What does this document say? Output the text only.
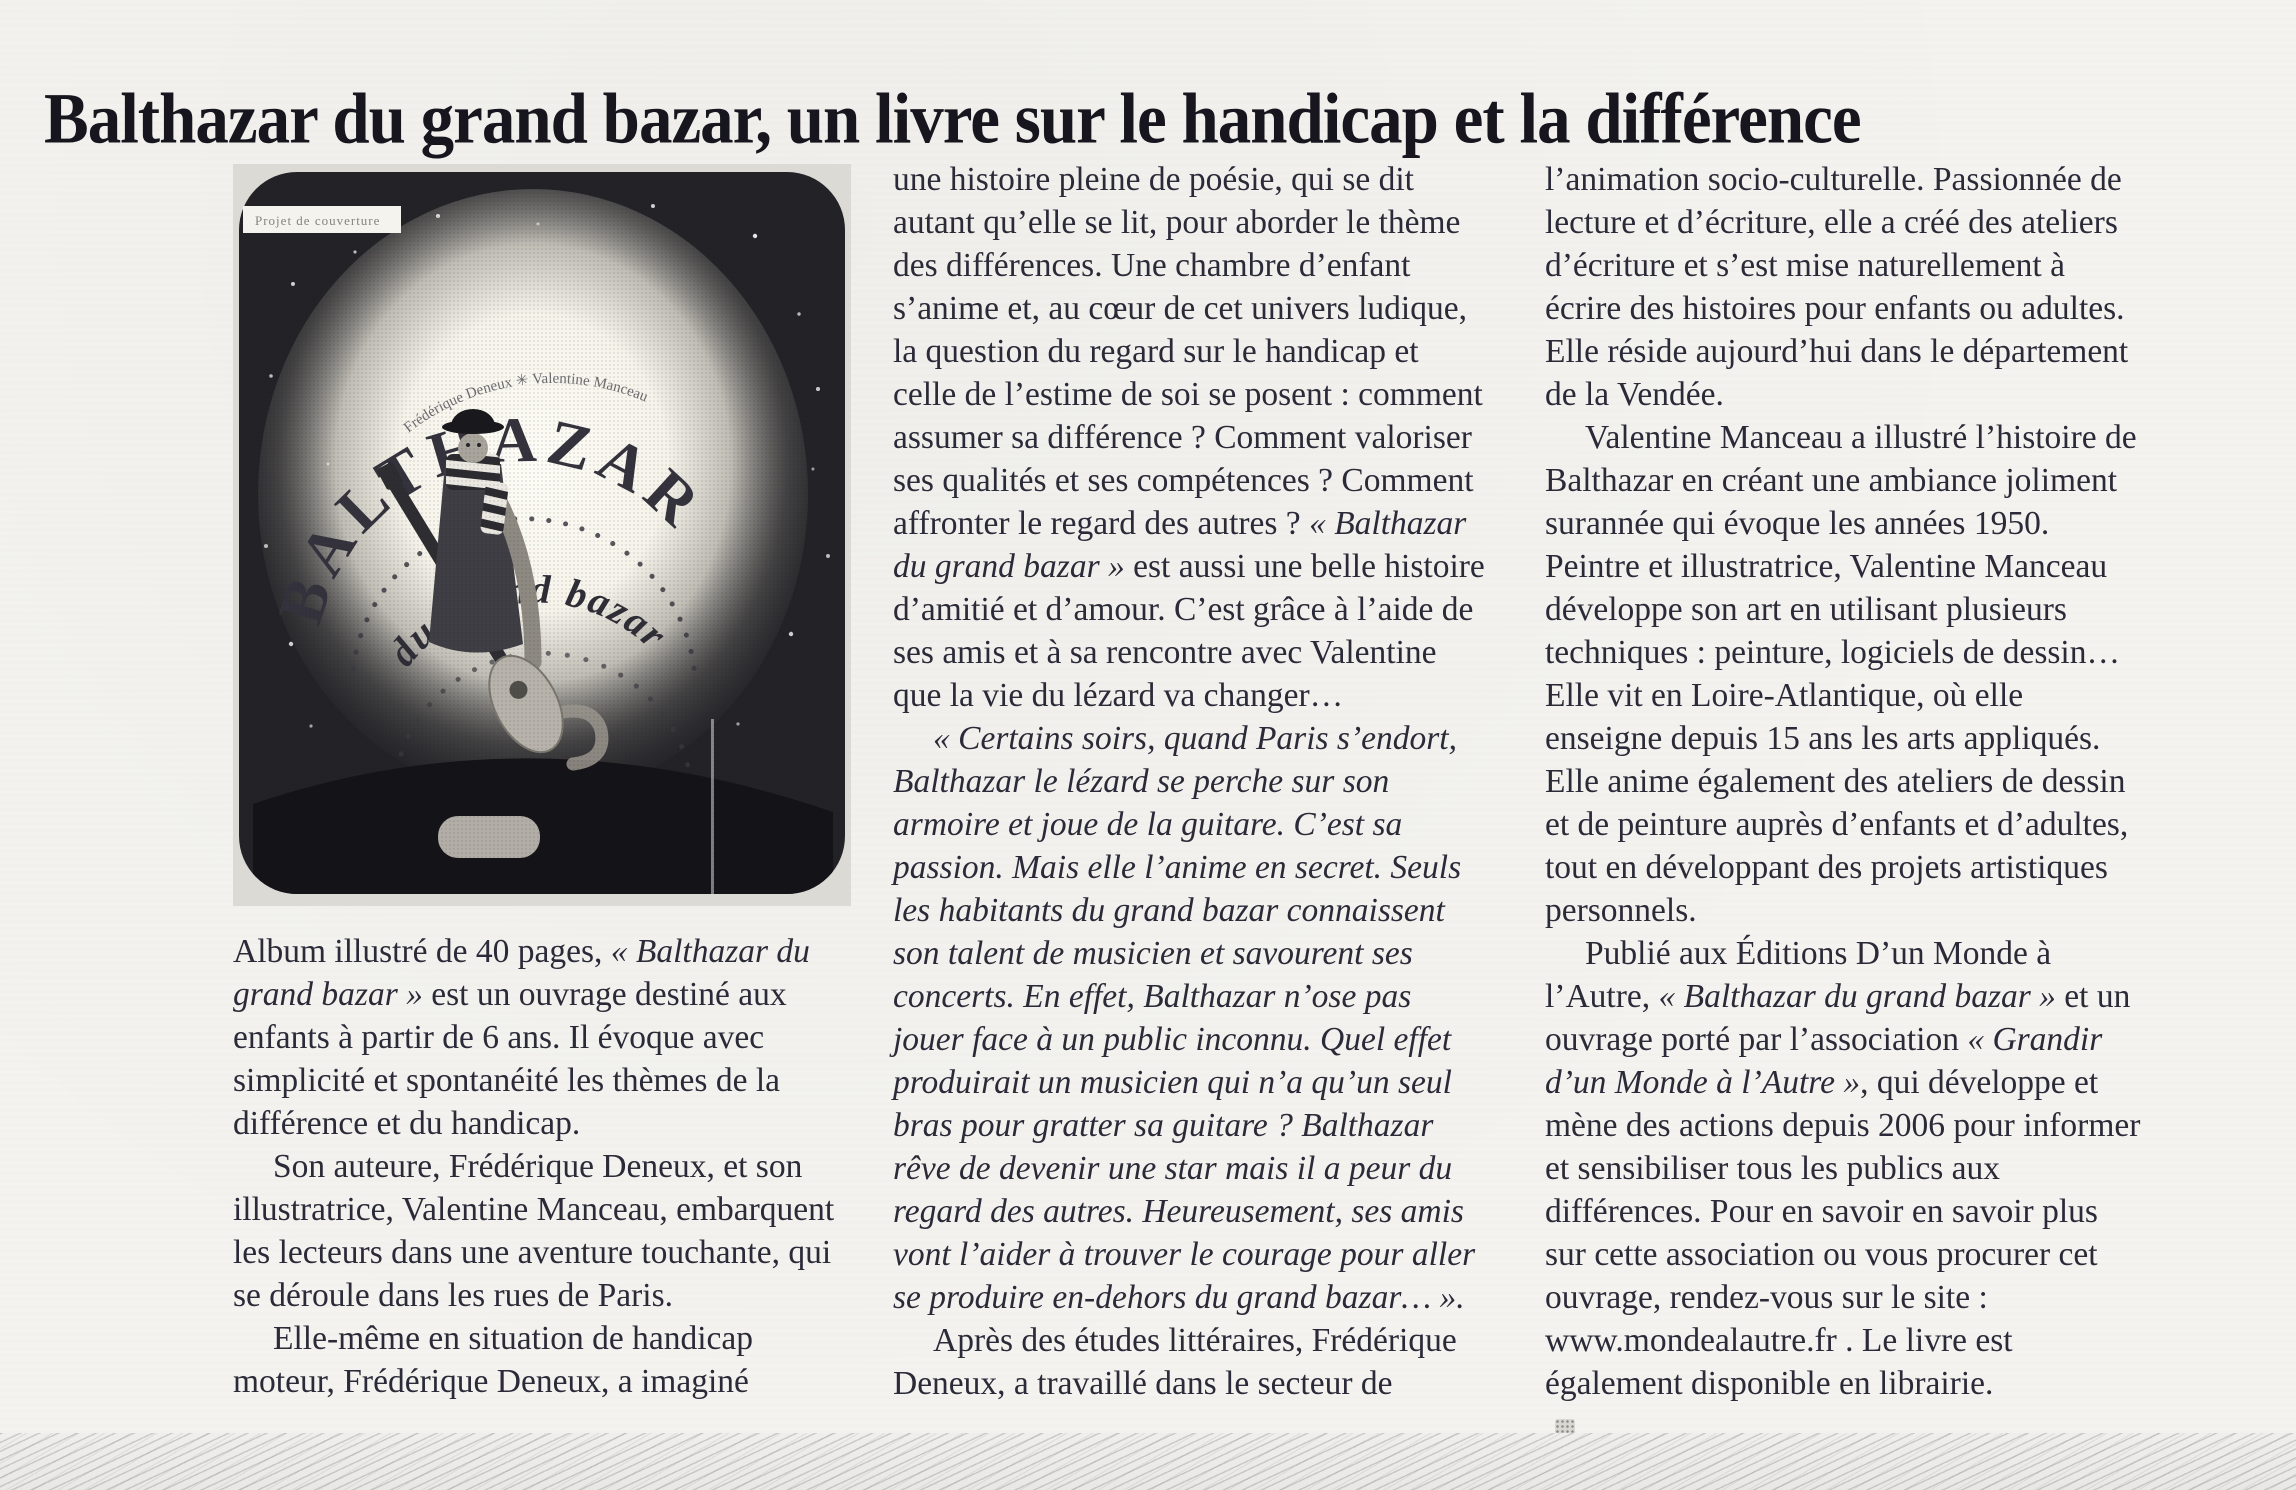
Balthazar du grand bazar, un livre sur le handicap et la différence
Projet de couverture

Album illustré de 40 pages, « Balthazar du grand bazar » est un ouvrage destiné aux enfants à partir de 6 ans. Il évoque avec simplicité et spontanéité les thèmes de la différence et du handicap.

Son auteure, Frédérique Deneux, et son illustratrice, Valentine Manceau, embarquent les lecteurs dans une aventure touchante, qui se déroule dans les rues de Paris.

Elle-même en situation de handicap moteur, Frédérique Deneux, a imaginé

une histoire pleine de poésie, qui se dit autant qu’elle se lit, pour aborder le thème des différences. Une chambre d’enfant s’anime et, au cœur de cet univers ludique, la question du regard sur le handicap et celle de l’estime de soi se posent : comment assumer sa différence ? Comment valoriser ses qualités et ses compétences ? Comment affronter le regard des autres ? « Balthazar du grand bazar » est aussi une belle histoire d’amitié et d’amour. C’est grâce à l’aide de ses amis et à sa rencontre avec Valentine que la vie du lézard va changer…

« Certains soirs, quand Paris s’endort, Balthazar le lézard se perche sur son armoire et joue de la guitare. C’est sa passion. Mais elle l’anime en secret. Seuls les habitants du grand bazar connaissent son talent de musicien et savourent ses concerts. En effet, Balthazar n’ose pas jouer face à un public inconnu. Quel effet produirait un musicien qui n’a qu’un seul bras pour gratter sa guitare ? Balthazar rêve de devenir une star mais il a peur du regard des autres. Heureusement, ses amis vont l’aider à trouver le courage pour aller se produire en-dehors du grand bazar… ».

Après des études littéraires, Frédérique Deneux, a travaillé dans le secteur de

l’animation socio-culturelle. Passionnée de lecture et d’écriture, elle a créé des ateliers d’écriture et s’est mise naturellement à écrire des histoires pour enfants ou adultes. Elle réside aujourd’hui dans le département de la Vendée.

Valentine Manceau a illustré l’histoire de Balthazar en créant une ambiance joliment surannée qui évoque les années 1950. Peintre et illustratrice, Valentine Manceau développe son art en utilisant plusieurs techniques : peinture, logiciels de dessin… Elle vit en Loire-Atlantique, où elle enseigne depuis 15 ans les arts appliqués. Elle anime également des ateliers de dessin et de peinture auprès d’enfants et d’adultes, tout en développant des projets artistiques personnels.

Publié aux Éditions D’un Monde à l’Autre, « Balthazar du grand bazar » et un ouvrage porté par l’association « Grandir d’un Monde à l’Autre », qui développe et mène des actions depuis 2006 pour informer et sensibiliser tous les publics aux différences. Pour en savoir en savoir plus sur cette association ou vous procurer cet ouvrage, rendez-vous sur le site : www.mondealautre.fr . Le livre est également disponible en librairie.
